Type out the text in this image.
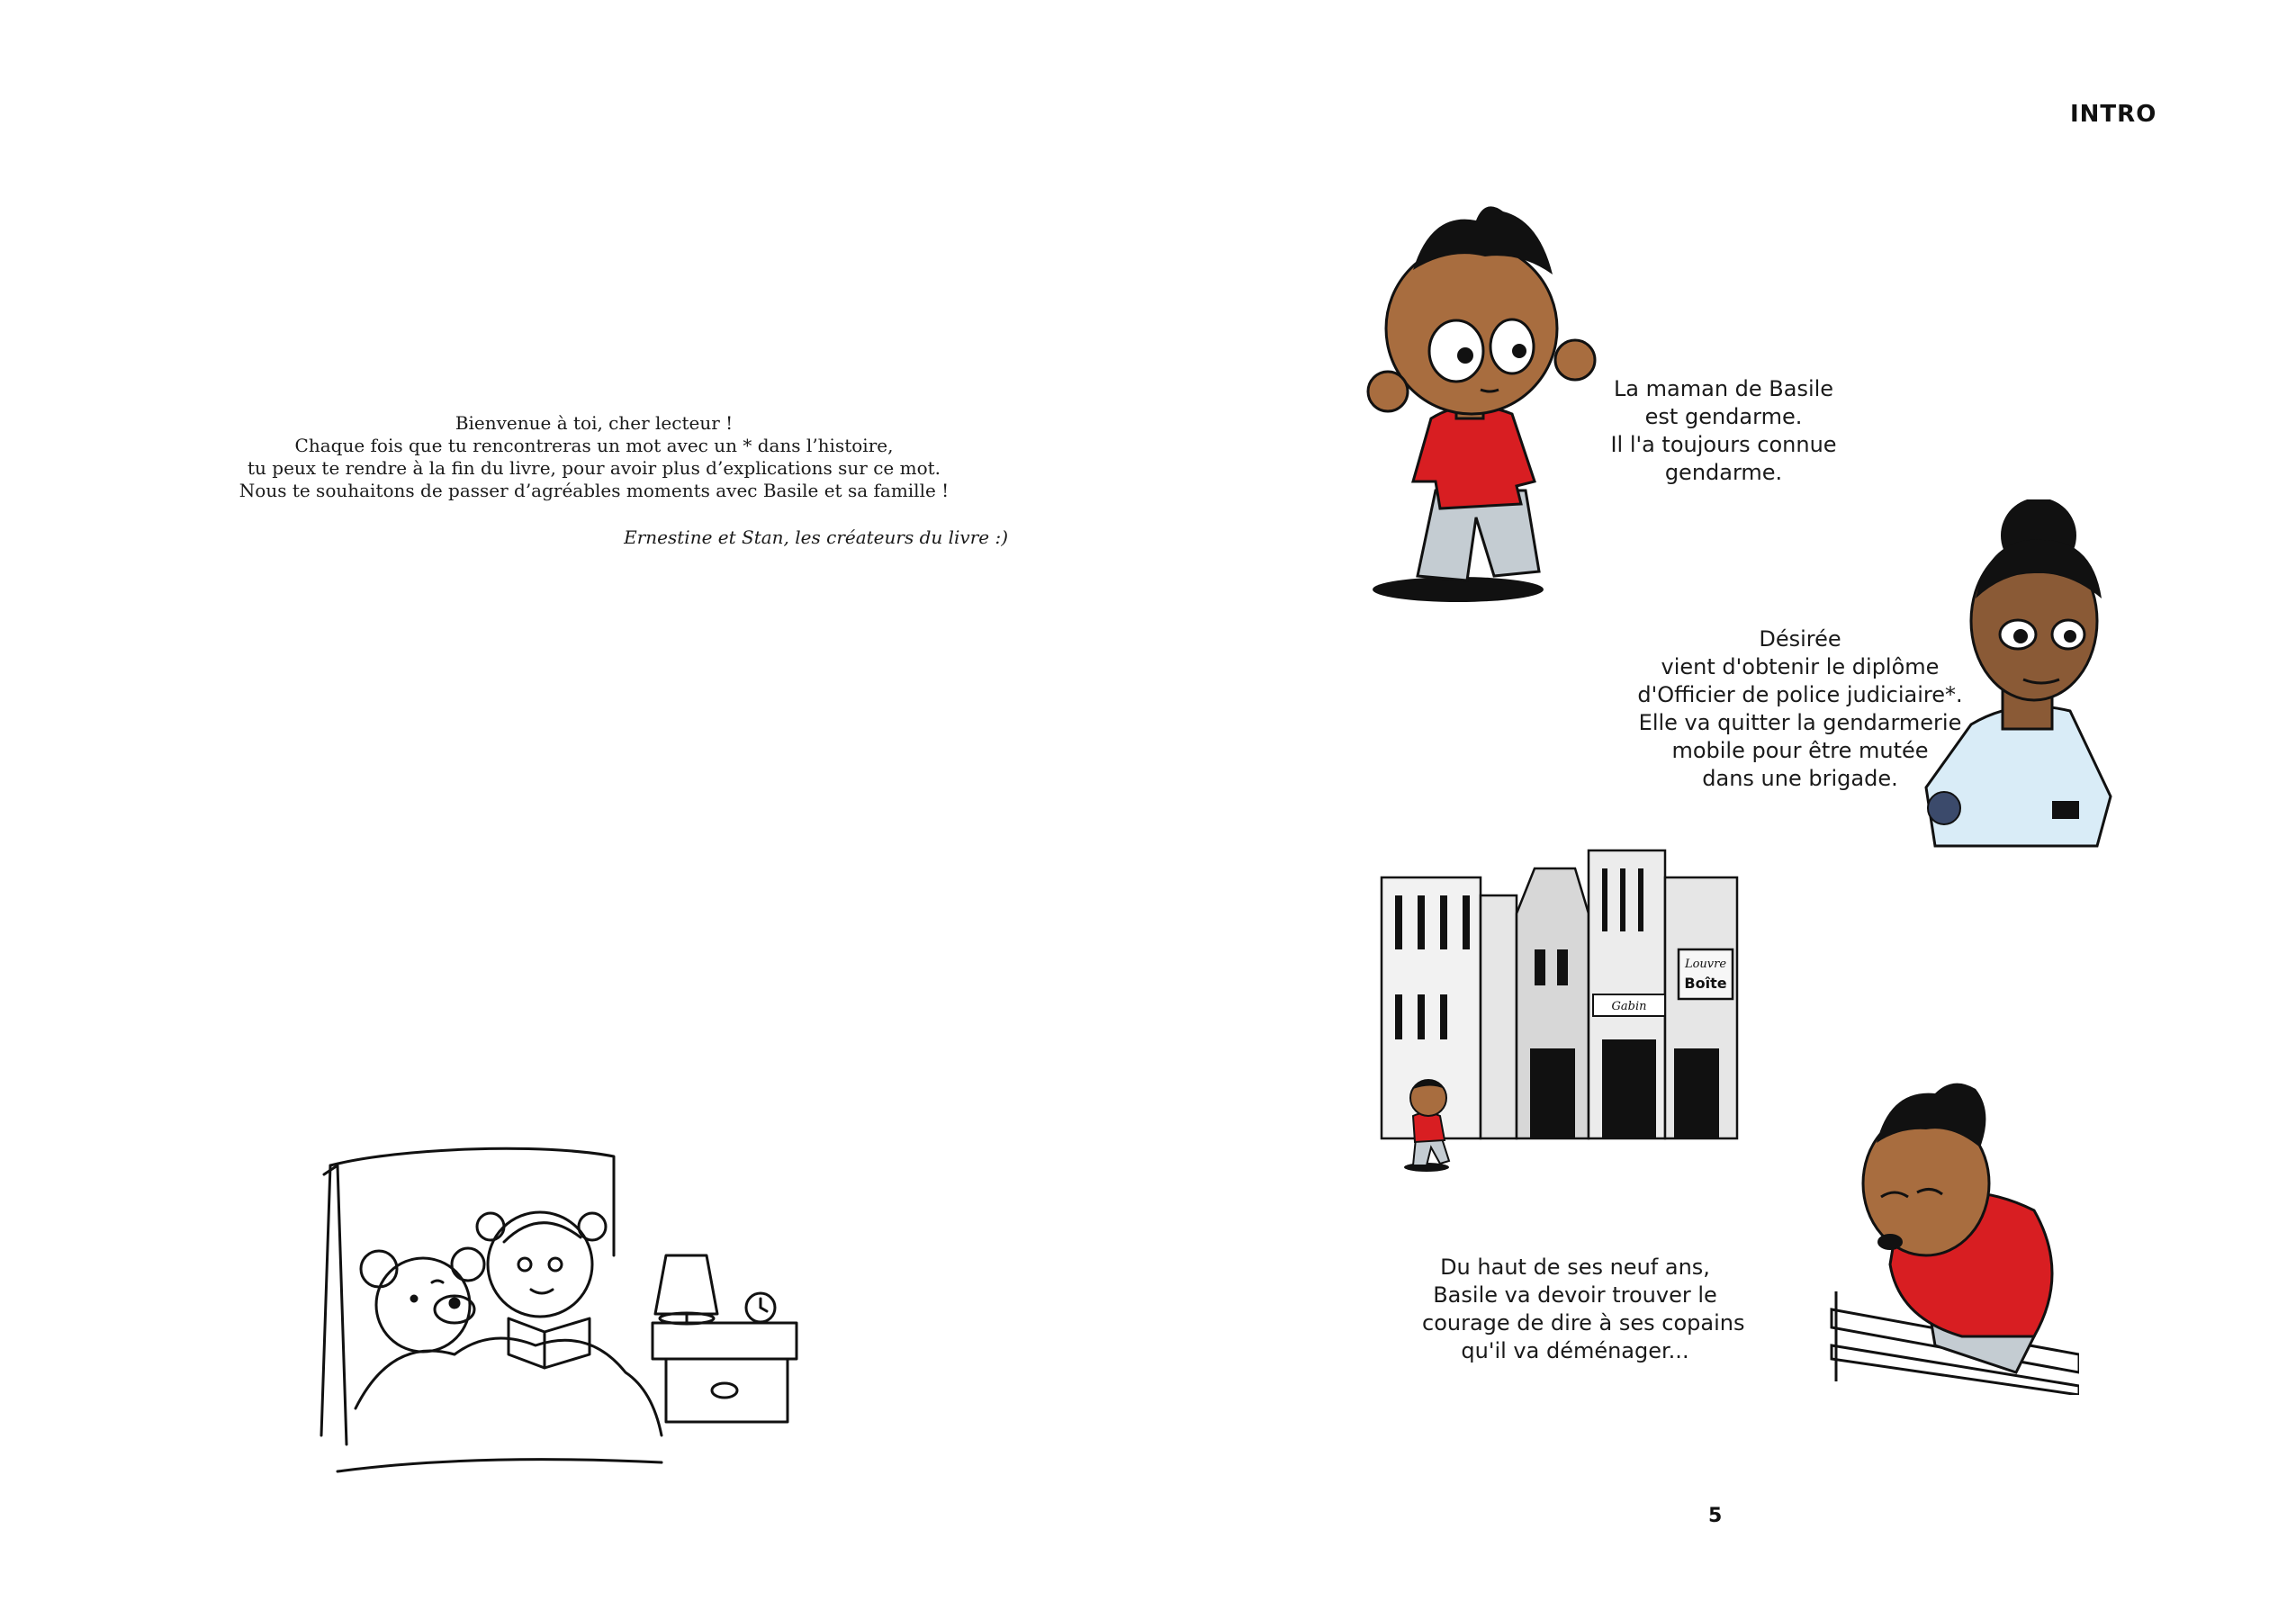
INTRO

Bienvenue à toi, cher lecteur !

Chaque fois que tu rencontreras un mot avec un * dans l’histoire,

tu peux te rendre à la fin du livre, pour avoir plus d’explications sur ce mot.

Nous te souhaitons de passer d’agréables moments avec Basile et sa famille !

Ernestine et Stan, les créateurs du livre :)
La maman de Basile
est gendarme.
Il l'a toujours connue
gendarme.
Désirée
vient d'obtenir le diplôme
d'Officier de police judiciaire*.
Elle va quitter la gendarmerie
mobile pour être mutée
dans une brigade.
Louvre
Boîte
Gabin
Du haut de ses neuf ans,
Basile va devoir trouver le
courage de dire à ses copains
qu'il va déménager...
5
